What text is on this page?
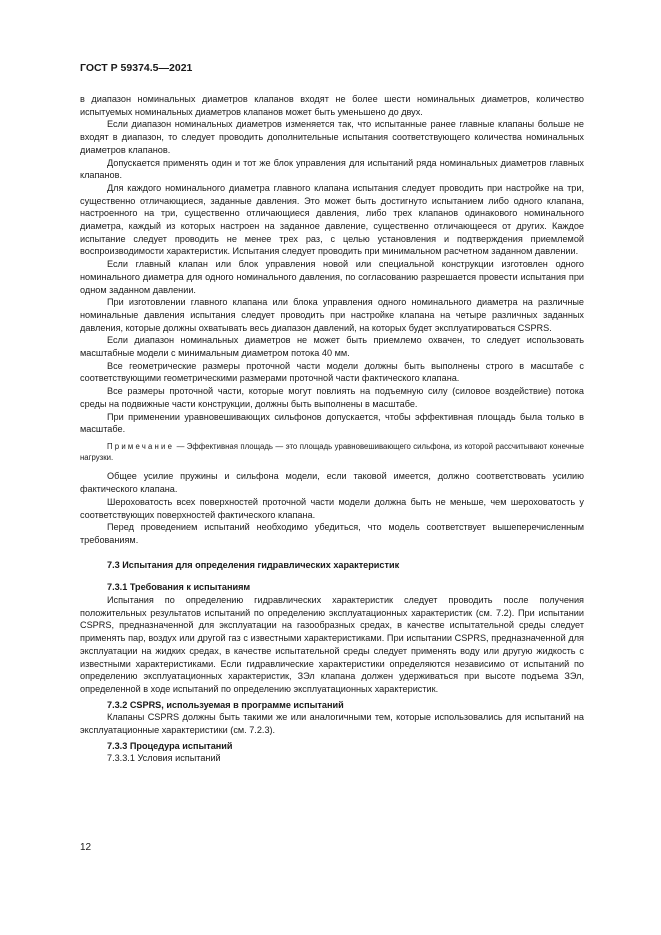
ГОСТ Р 59374.5—2021

в диапазон номинальных диаметров клапанов входят не более шести номинальных диаметров, количество испытуемых номинальных диаметров клапанов может быть уменьшено до двух.

Если диапазон номинальных диаметров изменяется так, что испытанные ранее главные клапаны больше не входят в диапазон, то следует проводить дополнительные испытания соответствующего количества номинальных диаметров клапанов.

Допускается применять один и тот же блок управления для испытаний ряда номинальных диаметров главных клапанов.

Для каждого номинального диаметра главного клапана испытания следует проводить при настройке на три, существенно отличающиеся, заданные давления. Это может быть достигнуто испытанием либо одного клапана, настроенного на три, существенно отличающиеся давления, либо трех клапанов одинакового номинального диаметра, каждый из которых настроен на заданное давление, существенно отличающееся от других. Каждое испытание следует проводить не менее трех раз, с целью установления и подтверждения приемлемой воспроизводимости характеристик. Испытания следует проводить при минимальном расчетном заданном давлении.

Если главный клапан или блок управления новой или специальной конструкции изготовлен одного номинального диаметра для одного номинального давления, по согласованию разрешается провести испытания при одном заданном давлении.

При изготовлении главного клапана или блока управления одного номинального диаметра на различные номинальные давления испытания следует проводить при настройке клапана на четыре различных заданных давления, которые должны охватывать весь диапазон давлений, на которых будет эксплуатироваться CSPRS.

Если диапазон номинальных диаметров не может быть приемлемо охвачен, то следует использовать масштабные модели с минимальным диаметром потока 40 мм.

Все геометрические размеры проточной части модели должны быть выполнены строго в масштабе с соответствующими геометрическими размерами проточной части фактического клапана.

Все размеры проточной части, которые могут повлиять на подъемную силу (силовое воздействие) потока среды на подвижные части конструкции, должны быть выполнены в масштабе.

При применении уравновешивающих сильфонов допускается, чтобы эффективная площадь была только в масштабе.

Примечание — Эффективная площадь — это площадь уравновешивающего сильфона, из которой рассчитывают конечные нагрузки.

Общее усилие пружины и сильфона модели, если таковой имеется, должно соответствовать усилию фактического клапана.

Шероховатость всех поверхностей проточной части модели должна быть не меньше, чем шероховатость у соответствующих поверхностей фактического клапана.

Перед проведением испытаний необходимо убедиться, что модель соответствует вышеперечисленным требованиям.

7.3 Испытания для определения гидравлических характеристик

7.3.1 Требования к испытаниям

Испытания по определению гидравлических характеристик следует проводить после получения положительных результатов испытаний по определению эксплуатационных характеристик (см. 7.2). При испытании CSPRS, предназначенной для эксплуатации на газообразных средах, в качестве испытательной среды следует применять пар, воздух или другой газ с известными характеристиками. При испытании CSPRS, предназначенной для эксплуатации на жидких средах, в качестве испытательной среды следует применять воду или другую жидкость с известными характеристиками. Если гидравлические характеристики определяются независимо от испытаний по определению эксплуатационных характеристик, ЗЭл клапана должен удерживаться при высоте подъема ЗЭл, определенной в ходе испытаний по определению эксплуатационных характеристик.

7.3.2 CSPRS, используемая в программе испытаний

Клапаны CSPRS должны быть такими же или аналогичными тем, которые использовались для испытаний на эксплуатационные характеристики (см. 7.2.3).

7.3.3 Процедура испытаний

7.3.3.1 Условия испытаний

12
